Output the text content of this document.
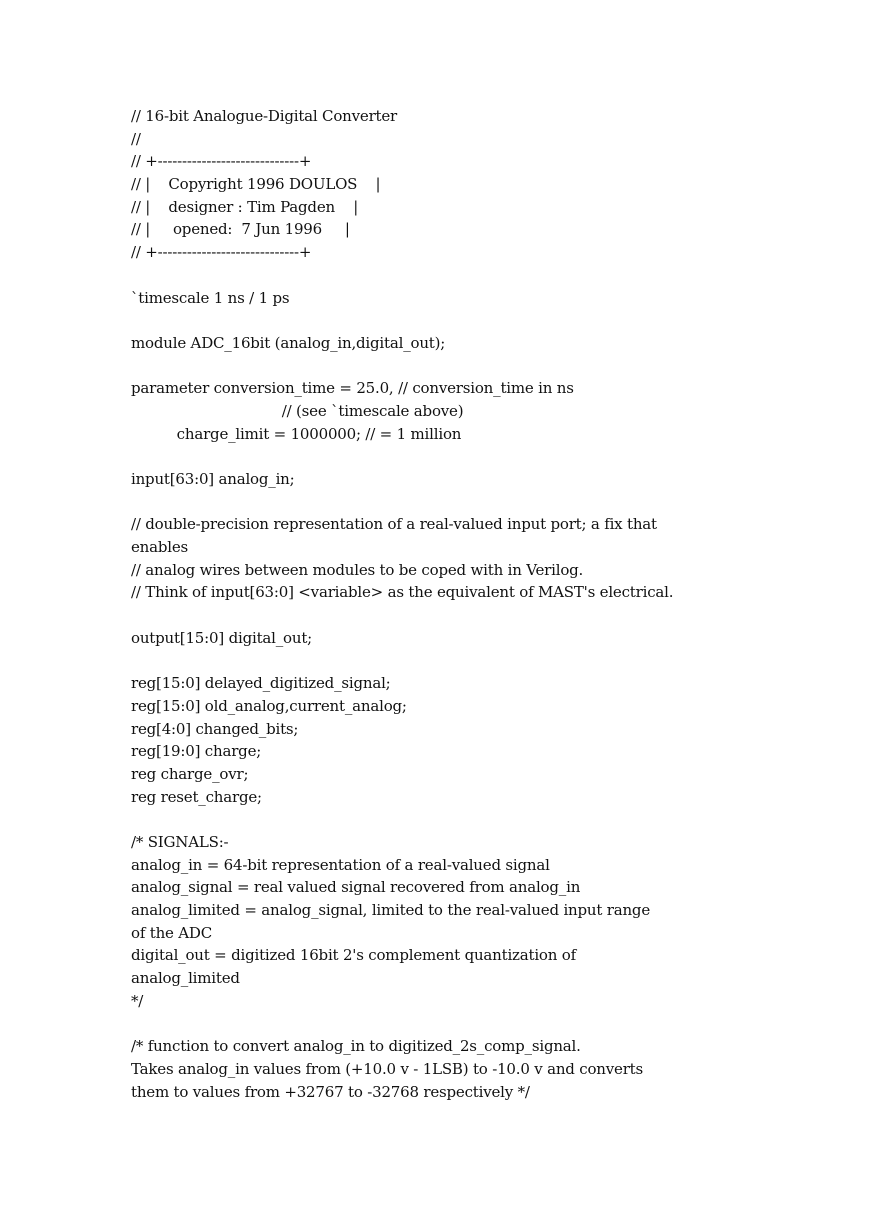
// 16-bit Analogue-Digital Converter
//
// +-----------------------------+
// |    Copyright 1996 DOULOS    |
// |    designer : Tim Pagden    |
// |     opened:  7 Jun 1996     |
// +-----------------------------+
`timescale 1 ns / 1 ps
module ADC_16bit (analog_in,digital_out);
parameter conversion_time = 25.0, // conversion_time in ns
// (see `timescale above)
charge_limit = 1000000; // = 1 million
input[63:0] analog_in;
// double-precision representation of a real-valued input port; a fix that
enables
// analog wires between modules to be coped with in Verilog.
// Think of input[63:0] <variable> as the equivalent of MAST's electrical.
output[15:0] digital_out;
reg[15:0] delayed_digitized_signal;
reg[15:0] old_analog,current_analog;
reg[4:0] changed_bits;
reg[19:0] charge;
reg charge_ovr;
reg reset_charge;
/* SIGNALS:-
analog_in = 64-bit representation of a real-valued signal
analog_signal = real valued signal recovered from analog_in
analog_limited = analog_signal, limited to the real-valued input range
of the ADC
digital_out = digitized 16bit 2's complement quantization of
analog_limited
*/
/* function to convert analog_in to digitized_2s_comp_signal.
Takes analog_in values from (+10.0 v - 1LSB) to -10.0 v and converts
them to values from +32767 to -32768 respectively */
